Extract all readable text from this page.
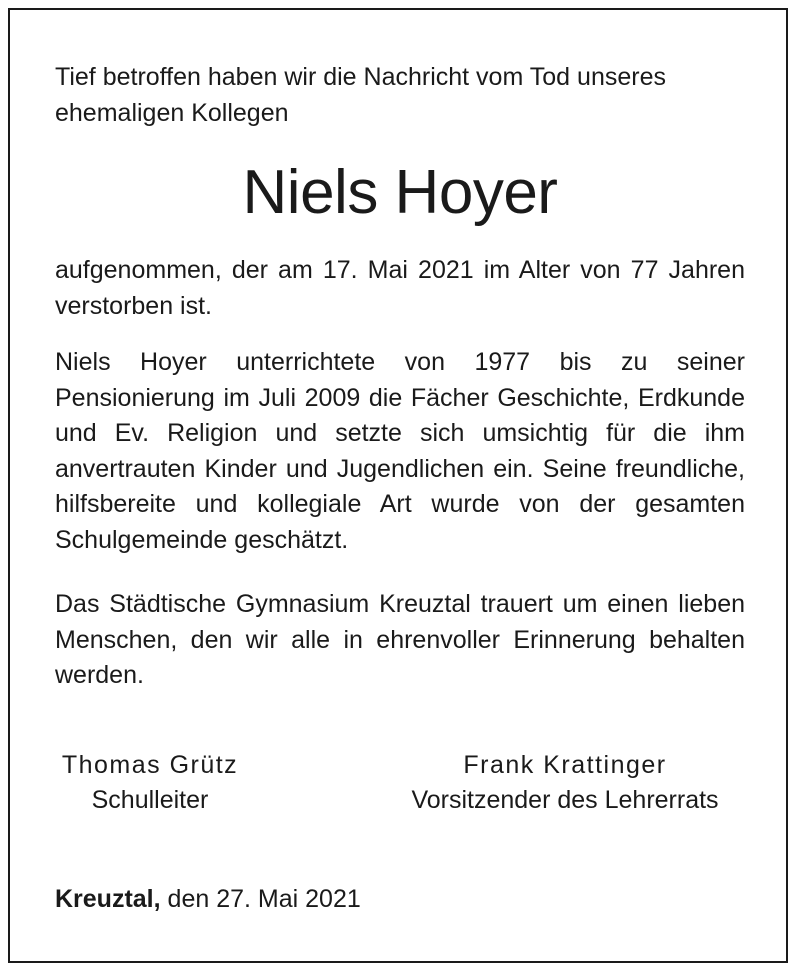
Tief betroffen haben wir die Nachricht vom Tod unseres ehemaligen Kollegen
Niels Hoyer
aufgenommen, der am 17. Mai 2021 im Alter von 77 Jahren verstorben ist.
Niels Hoyer unterrichtete von 1977 bis zu seiner Pensionierung im Juli 2009 die Fächer Geschichte, Erdkunde und Ev. Religion und setzte sich umsichtig für die ihm anvertrauten Kinder und Jugendlichen ein. Seine freundliche, hilfsbereite und kollegiale Art wurde von der gesamten Schulgemeinde geschätzt.
Das Städtische Gymnasium Kreuztal trauert um einen lieben Menschen, den wir alle in ehrenvoller Erinnerung behalten werden.
Thomas Grütz
Schulleiter
Frank Krattinger
Vorsitzender des Lehrerrats
Kreuztal, den 27. Mai 2021
